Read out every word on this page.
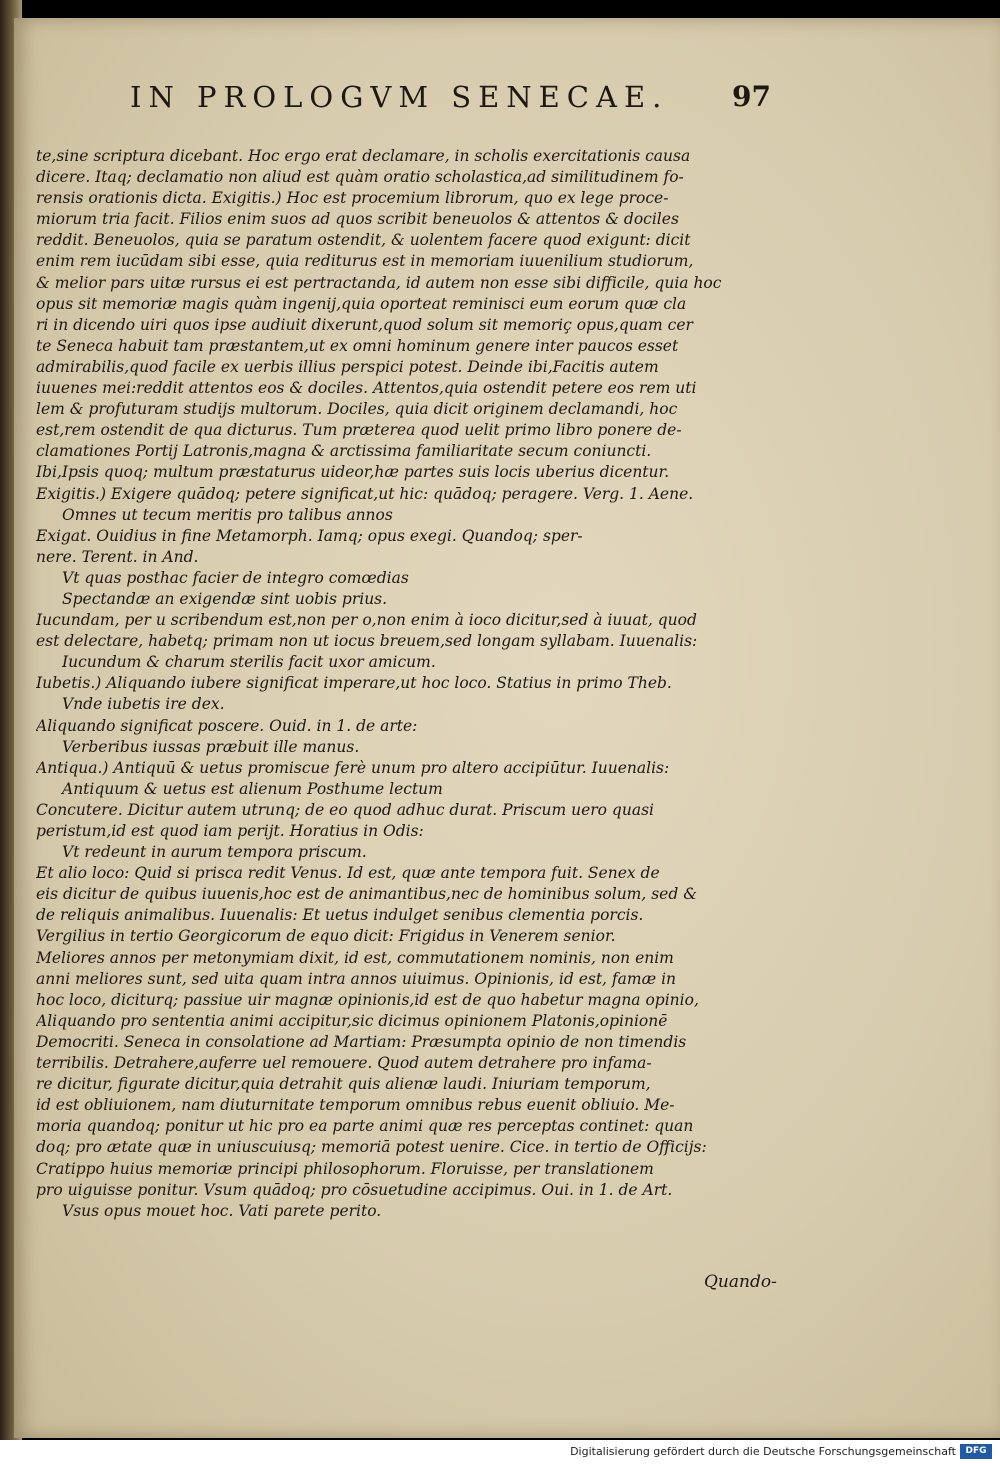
IN PROLOGVM SENECAE. 97
te,sine scriptura dicebant. Hoc ergo erat declamare, in scholis exercitationis causa
dicere. Itaq; declamatio non aliud est quàm oratio scholastica,ad similitudinem fo-
rensis orationis dicta. Exigitis.) Hoc est procemium librorum, quo ex lege proce-
miorum tria facit. Filios enim suos ad quos scribit beneuolos & attentos & dociles
reddit. Beneuolos, quia se paratum ostendit, & uolentem facere quod exigunt: dicit
enim rem iucūdam sibi esse, quia rediturus est in memoriam iuuenilium studiorum,
& melior pars uitæ rursus ei est pertractanda, id autem non esse sibi difficile, quia hoc
opus sit memoriæ magis quàm ingenij,quia oporteat reminisci eum eorum quæ cla
ri in dicendo uiri quos ipse audiuit dixerunt,quod solum sit memoriç opus,quam cer
te Seneca habuit tam præstantem,ut ex omni hominum genere inter paucos esset
admirabilis,quod facile ex uerbis illius perspici potest. Deinde ibi,Facitis autem
iuuenes mei:reddit attentos eos & dociles. Attentos,quia ostendit petere eos rem uti
lem & profuturam studijs multorum. Dociles, quia dicit originem declamandi, hoc
est,rem ostendit de qua dicturus. Tum præterea quod uelit primo libro ponere de-
clamationes Portij Latronis,magna & arctissima familiaritate secum coniuncti.
Ibi,Ipsis quoq; multum præstaturus uideor,hæ partes suis locis uberius dicentur.
Exigitis.) Exigere quādoq; petere significat,ut hic: quādoq; peragere. Verg. 1. Aene.
Omnes ut tecum meritis pro talibus annos
Exigat. Ouidius in fine Metamorph. Iamq; opus exegi. Quandoq; sper-
nere. Terent. in And.
Vt quas posthac facier de integro comœdias
Spectandæ an exigendæ sint uobis prius.
Iucundam, per u scribendum est,non per o,non enim à ioco dicitur,sed à iuuat, quod
est delectare, habetq; primam non ut iocus breuem,sed longam syllabam. Iuuenalis:
Iucundum & charum sterilis facit uxor amicum.
Iubetis.) Aliquando iubere significat imperare,ut hoc loco. Statius in primo Theb.
Vnde iubetis ire dex.
Aliquando significat poscere. Ouid. in 1. de arte:
Verberibus iussas præbuit ille manus.
Antiqua.) Antiquū & uetus promiscue ferè unum pro altero accipiūtur. Iuuenalis:
Antiquum & uetus est alienum Posthume lectum
Concutere. Dicitur autem utrunq; de eo quod adhuc durat. Priscum uero quasi
peristum,id est quod iam perijt. Horatius in Odis:
Vt redeunt in aurum tempora priscum.
Et alio loco: Quid si prisca redit Venus. Id est, quæ ante tempora fuit. Senex de
eis dicitur de quibus iuuenis,hoc est de animantibus,nec de hominibus solum, sed &
de reliquis animalibus. Iuuenalis: Et uetus indulget senibus clementia porcis.
Vergilius in tertio Georgicorum de equo dicit: Frigidus in Venerem senior.
Meliores annos per metonymiam dixit, id est, commutationem nominis, non enim
anni meliores sunt, sed uita quam intra annos uiuimus. Opinionis, id est, famæ in
hoc loco, diciturq; passiue uir magnæ opinionis,id est de quo habetur magna opinio,
Aliquando pro sententia animi accipitur,sic dicimus opinionem Platonis,opinionē
Democriti. Seneca in consolatione ad Martiam: Præsumpta opinio de non timendis
terribilis. Detrahere,auferre uel remouere. Quod autem detrahere pro infama-
re dicitur, figurate dicitur,quia detrahit quis alienæ laudi. Iniuriam temporum,
id est obliuionem, nam diuturnitate temporum omnibus rebus euenit obliuio. Me-
moria quandoq; ponitur ut hic pro ea parte animi quæ res perceptas continet: quan
doq; pro ætate quæ in uniuscuiusq; memoriā potest uenire. Cice. in tertio de Officijs:
Cratippo huius memoriæ principi philosophorum. Floruisse, per translationem
pro uiguisse ponitur. Vsum quādoq; pro cōsuetudine accipimus. Oui. in 1. de Art.
Vsus opus mouet hoc. Vati parete perito.
Quando-
Digitalisierung gefördert durch die Deutsche Forschungsgemeinschaft	DFG
